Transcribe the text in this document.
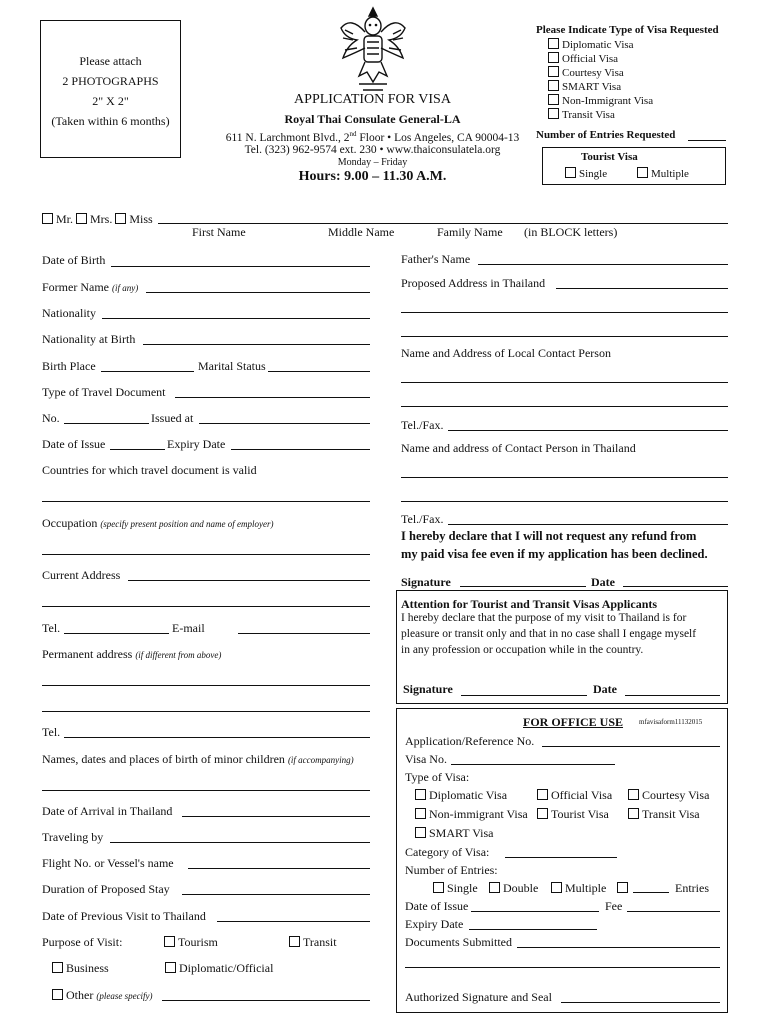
Please attach
2 PHOTOGRAPHS
2" X 2"
(Taken within 6 months)
APPLICATION FOR VISA
Royal Thai Consulate General-LA
611 N. Larchmont Blvd., 2nd Floor • Los Angeles, CA 90004-13
Tel. (323) 962-9574 ext. 230 • www.thaiconsulatela.org
Monday – Friday
Hours: 9.00 – 11.30 A.M.
Please Indicate Type of Visa Requested
Diplomatic Visa
Official Visa
Courtesy Visa
SMART Visa
Non-Immigrant Visa
Transit Visa
Number of Entries Requested
Tourist Visa
Single	Multiple
Mr. Mrs. Miss
First Name	Middle Name	Family Name (in BLOCK letters)
Date of Birth
Former Name (if any)
Nationality
Nationality at Birth
Birth Place	Marital Status
Type of Travel Document
No.	Issued at
Date of Issue	Expiry Date
Countries for which travel document is valid
Occupation (specify present position and name of employer)
Current Address
Tel.	E-mail
Permanent address (if different from above)
Tel.
Names, dates and places of birth of minor children (if accompanying)
Date of Arrival in Thailand
Traveling by
Flight No. or Vessel's name
Duration of Proposed Stay
Date of Previous Visit to Thailand
Purpose of Visit:	Tourism	Transit
Business	Diplomatic/Official
Other (please specify)
Father's Name
Proposed Address in Thailand
Name and Address of Local Contact Person
Tel./Fax.
Name and address of Contact Person in Thailand
Tel./Fax.
I hereby declare that I will not request any refund from
my paid visa fee even if my application has been declined.
Signature	Date
Attention for Tourist and Transit Visas Applicants
I hereby declare that the purpose of my visit to Thailand is for
pleasure or transit only and that in no case shall I engage myself
in any profession or occupation while in the country.
Signature	Date
FOR OFFICE USE mfavisaform11132015
Application/Reference No.
Visa No.
Type of Visa:
Diplomatic Visa	Official Visa	Courtesy Visa
Non-immigrant Visa	Tourist Visa	Transit Visa
SMART Visa
Category of Visa:
Number of Entries:
Single	Double	Multiple	Entries
Date of Issue	Fee
Expiry Date
Documents Submitted
Authorized Signature and Seal
